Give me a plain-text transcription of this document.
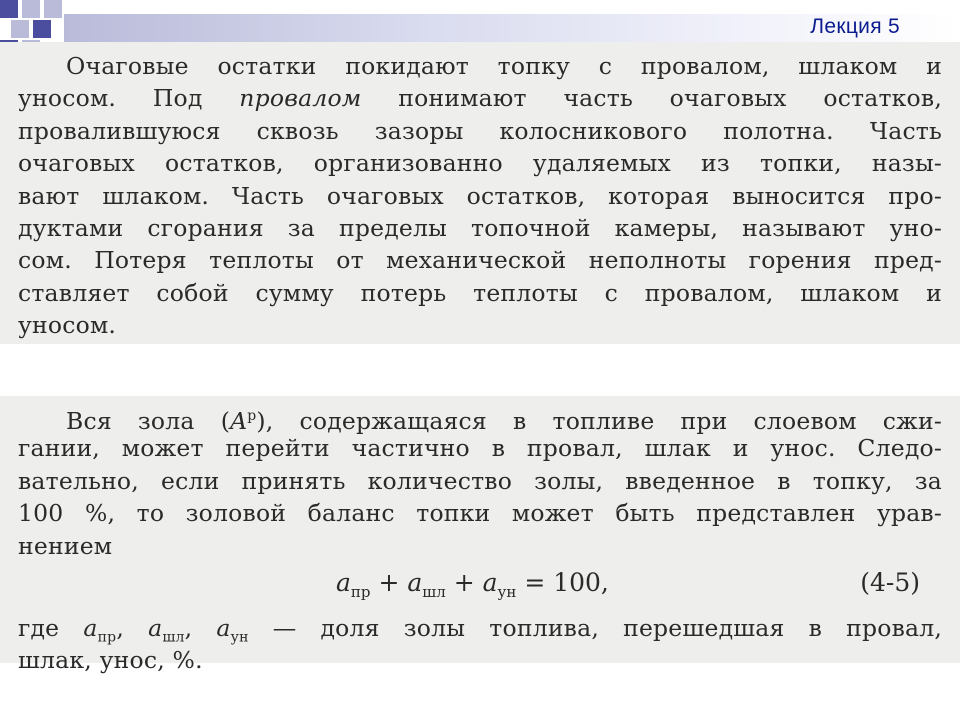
Лекция 5
Очаговые остатки покидают топку с провалом, шлаком и
уносом. Под провалом понимают часть очаговых остатков,
провалившуюся сквозь зазоры колосникового полотна. Часть
очаговых остатков, организованно удаляемых из топки, назы-
вают шлаком. Часть очаговых остатков, которая выносится про-
дуктами сгорания за пределы топочной камеры, называют уно-
сом. Потеря теплоты от механической неполноты горения пред-
ставляет собой сумму потерь теплоты с провалом, шлаком и
уносом.
Вся зола $(A^р)$, содержащаяся в топливе при слоевом сжи-
гании, может перейти частично в провал, шлак и унос. Следо-
вательно, если принять количество золы, введенное в топку, за
100 %, то золовой баланс топки может быть представлен урав-
нением
$a_{пр} + a_{шл} + a_{ун} = 100$,	(4-5)
где $a_{пр}$, $a_{шл}$, $a_{ун}$ — доля золы топлива, перешедшая в провал,
шлак, унос, %.
